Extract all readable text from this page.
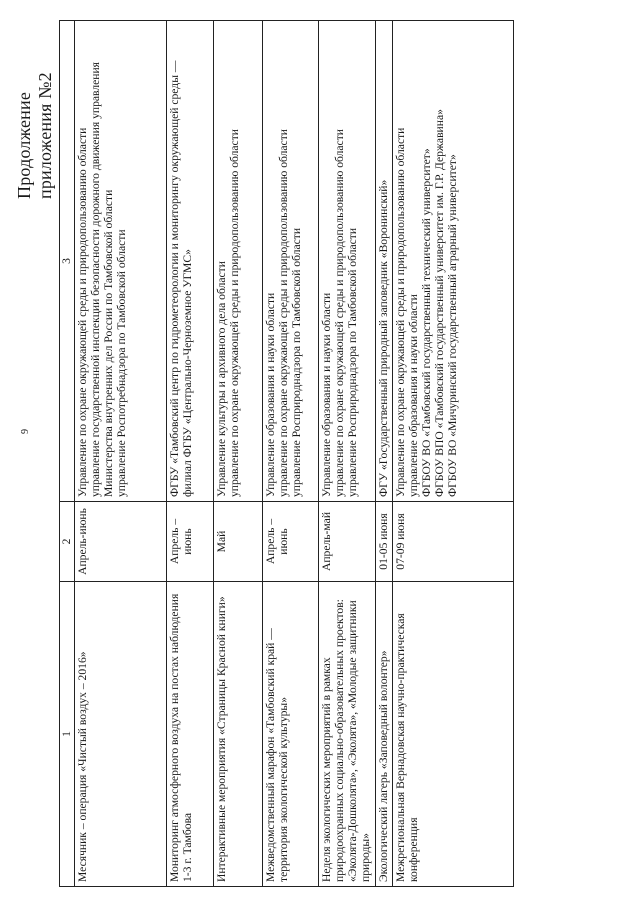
9
Продолжение приложения №2
1	2	3
Месячник – операция «Чистый воздух – 2016»	Апрель-июнь	Управление по охране окружающей среды и природопользованию области управление государственной инспекции безопасности дорожного движения управления Министерства внутренних дел России по Тамбовской области управление Роспотребнадзора по Тамбовской области

Мониторинг атмосферного воздуха на постах наблюдения 1-3 г. Тамбова	Апрель –июнь	ФГБУ «Тамбовский центр по гидрометеорологии и мониторингу окружающей среды — филиал ФГБУ «Центрально-Черноземное УГМС»

Интерактивные мероприятия «Страницы Красной книги»	Май	Управление культуры и архивного дела области управление по охране окружающей среды и природопользованию области

Межведомственный марафон «Тамбовский край — территория экологической культуры»	Апрель – июнь	Управление образования и науки области управление по охране окружающей среды и природопользованию области управление Росприроднадзора по Тамбовской области

Неделя экологических мероприятий в рамках природоохранных социально-образовательных проектов: «Эколята-Дошколята», «Эколята», «Молодые защитники природы»	Апрель-май	Управление образования и науки области управление по охране окружающей среды и природопользованию области управление Росприроднадзора по Тамбовской области

Экологический лагерь «Заповедный волонтер»	01-05 июня	ФГУ «Государственный природный заповедник «Воронинский»

Межрегиональная Вернадовская научно-практическая конференция	07-09 июня	Управление по охране окружающей среды и природопользованию области управление образования и науки области ФГБОУ ВО «Тамбовский государственный технический университет» ФГБОУ ВПО «Тамбовский государственный университет им. Г.Р. Державина» ФГБОУ ВО «Мичуринский государственный аграрный университет»
